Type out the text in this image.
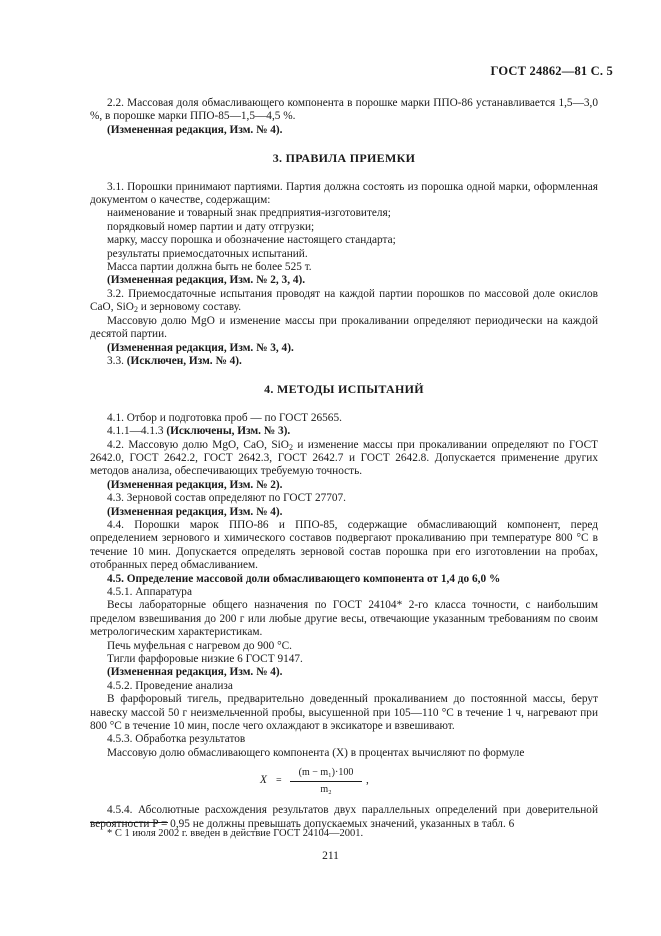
ГОСТ 24862—81 С. 5

2.2. Массовая доля обмасливающего компонента в порошке марки ППО-86 устанавливается 1,5—3,0 %, в порошке марки ППО-85—1,5—4,5 %.

(Измененная редакция, Изм. № 4).

3. ПРАВИЛА ПРИЕМКИ

3.1. Порошки принимают партиями. Партия должна состоять из порошка одной марки, оформленная документом о качестве, содержащим:

наименование и товарный знак предприятия-изготовителя;

порядковый номер партии и дату отгрузки;

марку, массу порошка и обозначение настоящего стандарта;

результаты приемосдаточных испытаний.

Масса партии должна быть не более 525 т.

(Измененная редакция, Изм. № 2, 3, 4).

3.2. Приемосдаточные испытания проводят на каждой партии порошков по массовой доле окислов CaO, SiO$_2$ и зерновому составу.

Массовую долю MgO и изменение массы при прокаливании определяют периодически на каждой десятой партии.

(Измененная редакция, Изм. № 3, 4).

3.3. (Исключен, Изм. № 4).

4. МЕТОДЫ ИСПЫТАНИЙ

4.1. Отбор и подготовка проб — по ГОСТ 26565.

4.1.1—4.1.3 (Исключены, Изм. № 3).

4.2. Массовую долю MgO, CaO, SiO$_2$ и изменение массы при прокаливании определяют по ГОСТ 2642.0, ГОСТ 2642.2, ГОСТ 2642.3, ГОСТ 2642.7 и ГОСТ 2642.8. Допускается применение других методов анализа, обеспечивающих требуемую точность.

(Измененная редакция, Изм. № 2).

4.3. Зерновой состав определяют по ГОСТ 27707.

(Измененная редакция, Изм. № 4).

4.4. Порошки марок ППО-86 и ППО-85, содержащие обмасливающий компонент, перед определением зернового и химического составов подвергают прокаливанию при температуре 800 °С в течение 10 мин. Допускается определять зерновой состав порошка при его изготовлении на пробах, отобранных перед обмасливанием.

4.5. Определение массовой доли обмасливающего компонента от 1,4 до 6,0 %

4.5.1. Аппаратура

Весы лабораторные общего назначения по ГОСТ 24104* 2-го класса точности, с наибольшим пределом взвешивания до 200 г или любые другие весы, отвечающие указанным требованиям по своим метрологическим характеристикам.

Печь муфельная с нагревом до 900 °С.

Тигли фарфоровые низкие 6 ГОСТ 9147.

(Измененная редакция, Изм. № 4).

4.5.2. Проведение анализа

В фарфоровый тигель, предварительно доведенный прокаливанием до постоянной массы, берут навеску массой 50 г неизмельченной пробы, высушенной при 105—110 °С в течение 1 ч, нагревают при 800 °С в течение 10 мин, после чего охлаждают в эксикаторе и взвешивают.

4.5.3. Обработка результатов

Массовую долю обмасливающего компонента (X) в процентах вычисляют по формуле

$X = \frac{\text{(m − m₁)·100}}{\text{m₂}}$ ,

4.5.4. Абсолютные расхождения результатов двух параллельных определений при доверительной вероятности P = 0,95 не должны превышать допускаемых значений, указанных в табл. 6

* С 1 июля 2002 г. введен в действие ГОСТ 24104—2001.
211
